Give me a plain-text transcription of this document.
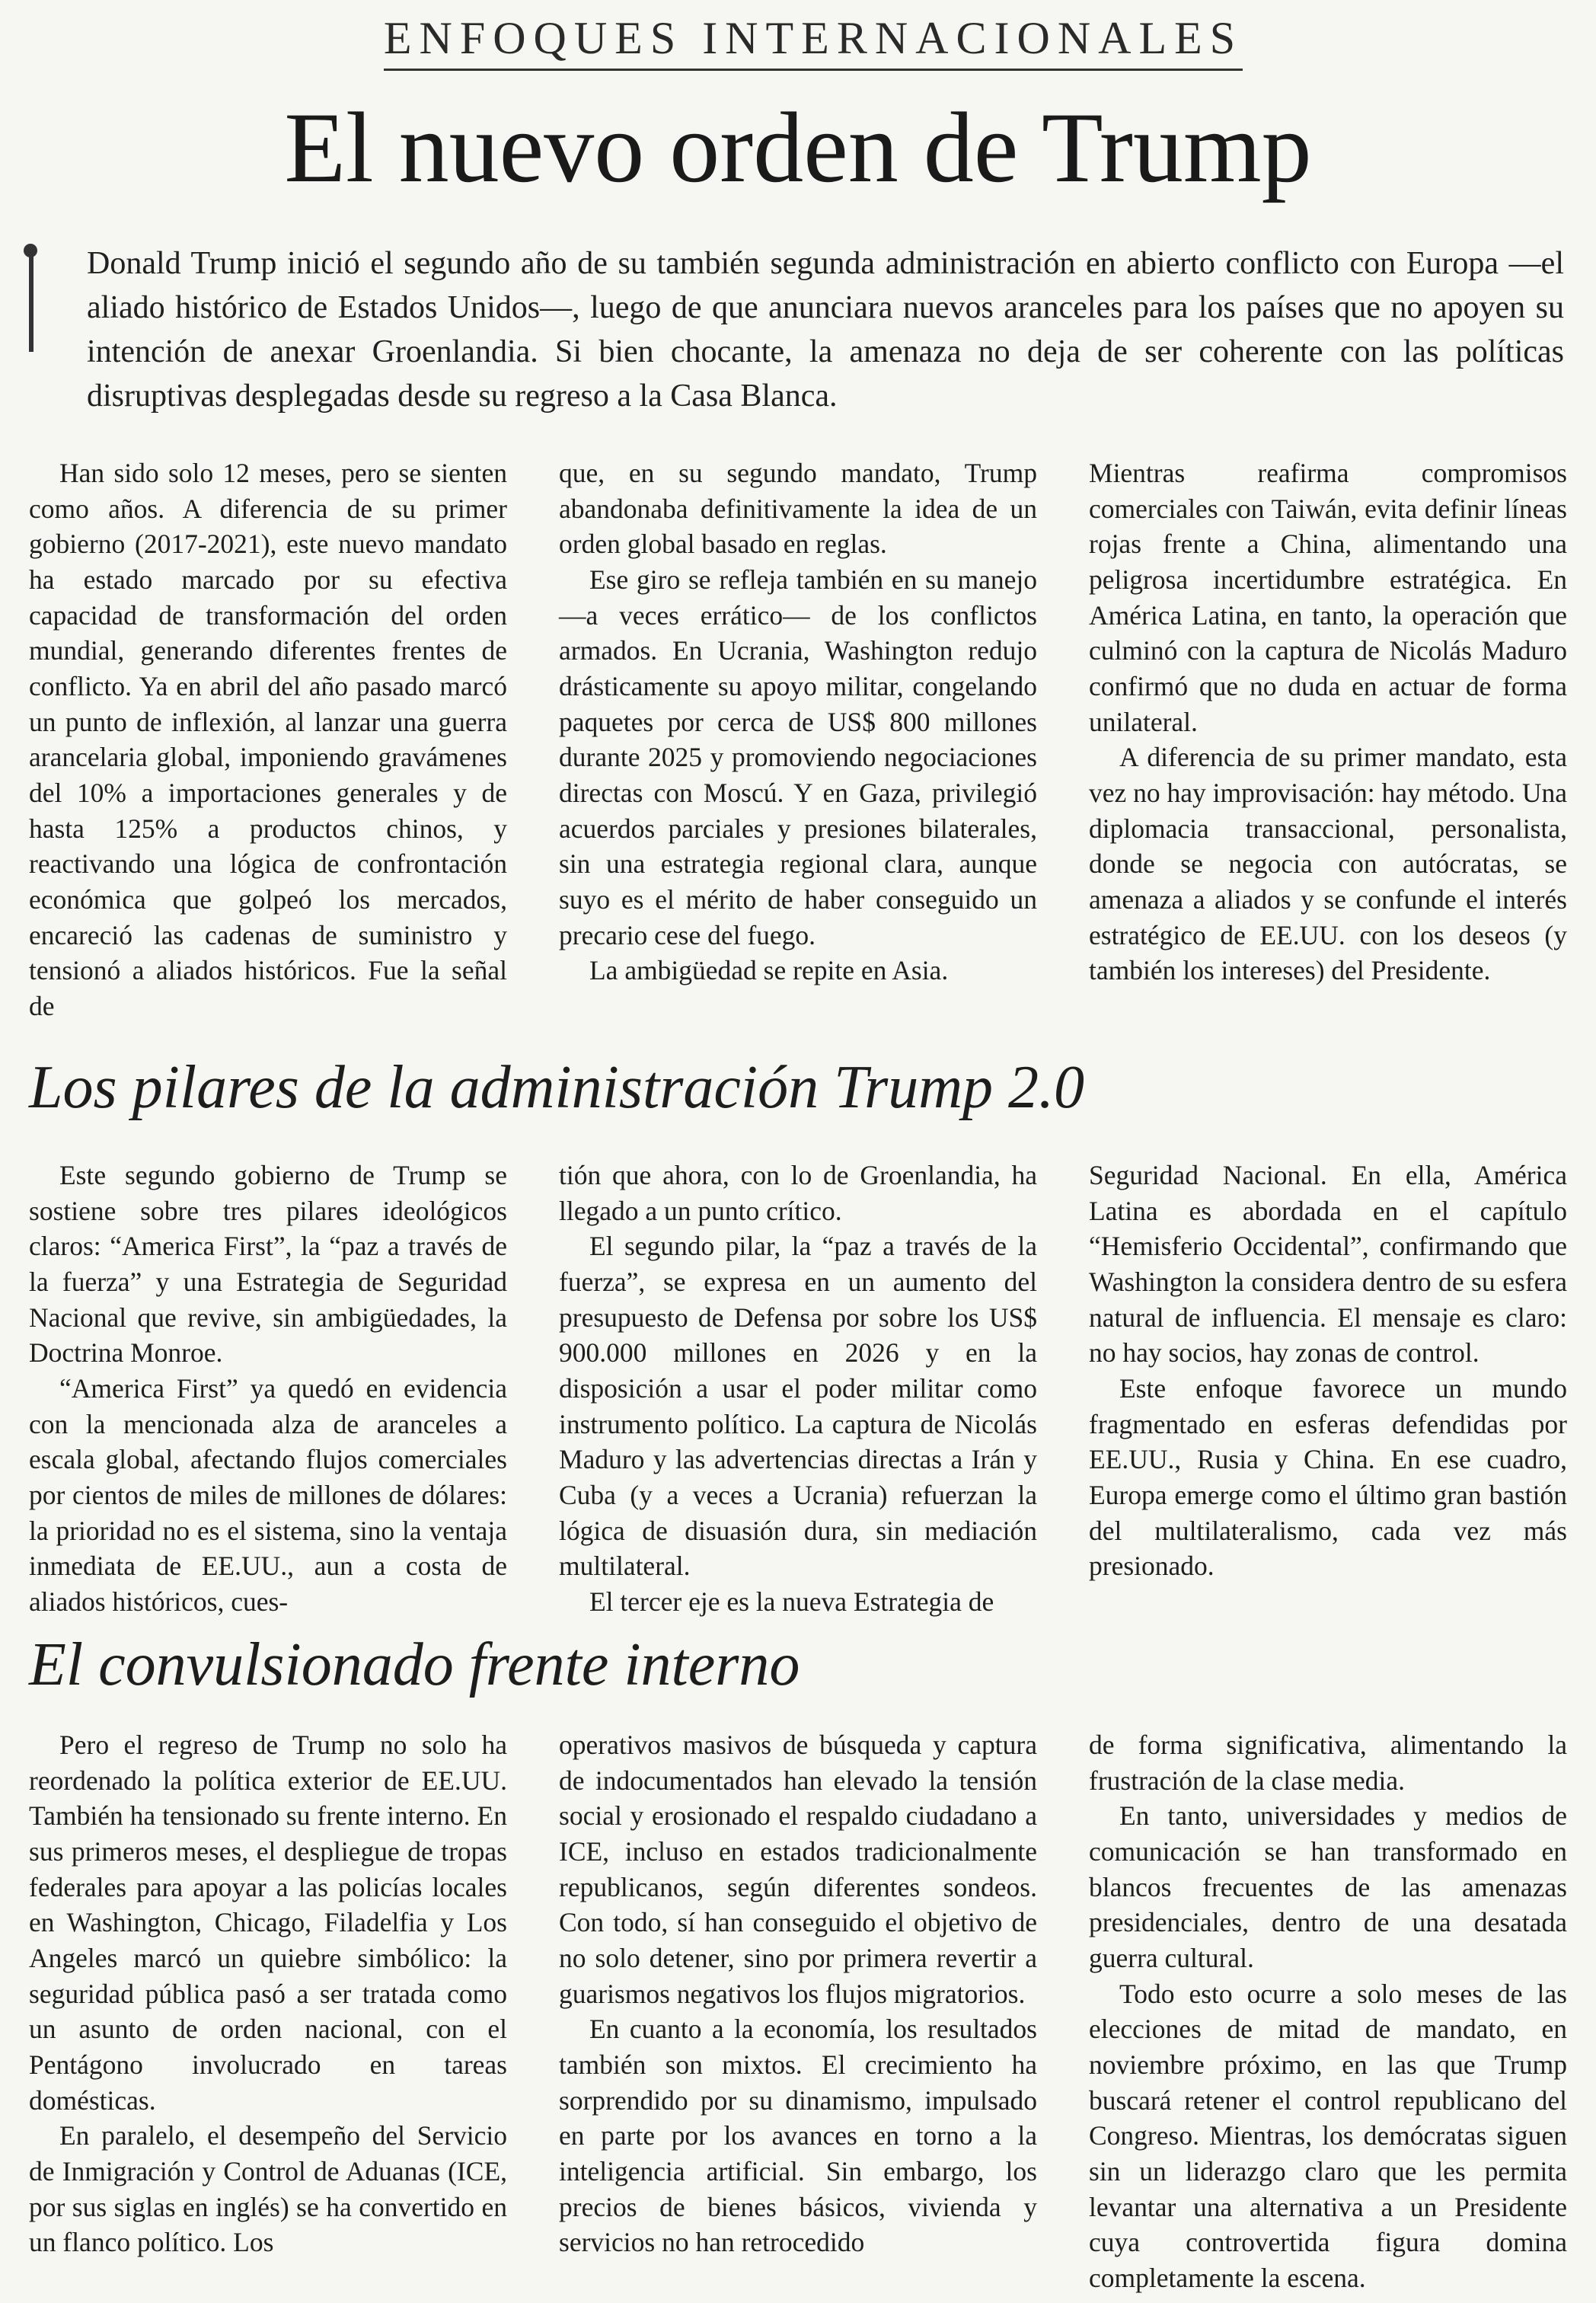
ENFOQUES INTERNACIONALES
El nuevo orden de Trump

Donald Trump inició el segundo año de su también segunda administración en abierto conflicto con Europa —el aliado histórico de Estados Unidos—, luego de que anunciara nuevos aranceles para los países que no apoyen su intención de anexar Groenlandia. Si bien chocante, la amenaza no deja de ser coherente con las políticas disruptivas desplegadas desde su regreso a la Casa Blanca.

Han sido solo 12 meses, pero se sienten como años. A diferencia de su primer gobierno (2017-2021), este nuevo mandato ha estado marcado por su efectiva capacidad de transformación del orden mundial, generando diferentes frentes de conflicto. Ya en abril del año pasado marcó un punto de inflexión, al lanzar una guerra arancelaria global, imponiendo gravámenes del 10% a importaciones generales y de hasta 125% a productos chinos, y reactivando una lógica de confrontación económica que golpeó los mercados, encareció las cadenas de suministro y tensionó a aliados históricos. Fue la señal de

que, en su segundo mandato, Trump abandonaba definitivamente la idea de un orden global basado en reglas.

Ese giro se refleja también en su manejo —a veces errático— de los conflictos armados. En Ucrania, Washington redujo drásticamente su apoyo militar, congelando paquetes por cerca de US$ 800 millones durante 2025 y promoviendo negociaciones directas con Moscú. Y en Gaza, privilegió acuerdos parciales y presiones bilaterales, sin una estrategia regional clara, aunque suyo es el mérito de haber conseguido un precario cese del fuego.

La ambigüedad se repite en Asia.

Mientras reafirma compromisos comerciales con Taiwán, evita definir líneas rojas frente a China, alimentando una peligrosa incertidumbre estratégica. En América Latina, en tanto, la operación que culminó con la captura de Nicolás Maduro confirmó que no duda en actuar de forma unilateral.

A diferencia de su primer mandato, esta vez no hay improvisación: hay método. Una diplomacia transaccional, personalista, donde se negocia con autócratas, se amenaza a aliados y se confunde el interés estratégico de EE.UU. con los deseos (y también los intereses) del Presidente.

Los pilares de la administración Trump 2.0

Este segundo gobierno de Trump se sostiene sobre tres pilares ideológicos claros: “America First”, la “paz a través de la fuerza” y una Estrategia de Seguridad Nacional que revive, sin ambigüedades, la Doctrina Monroe.

“America First” ya quedó en evidencia con la mencionada alza de aranceles a escala global, afectando flujos comerciales por cientos de miles de millones de dólares: la prioridad no es el sistema, sino la ventaja inmediata de EE.UU., aun a costa de aliados históricos, cues-

tión que ahora, con lo de Groenlandia, ha llegado a un punto crítico.

El segundo pilar, la “paz a través de la fuerza”, se expresa en un aumento del presupuesto de Defensa por sobre los US$ 900.000 millones en 2026 y en la disposición a usar el poder militar como instrumento político. La captura de Nicolás Maduro y las advertencias directas a Irán y Cuba (y a veces a Ucrania) refuerzan la lógica de disuasión dura, sin mediación multilateral.

El tercer eje es la nueva Estrategia de

Seguridad Nacional. En ella, América Latina es abordada en el capítulo “Hemisferio Occidental”, confirmando que Washington la considera dentro de su esfera natural de influencia. El mensaje es claro: no hay socios, hay zonas de control.

Este enfoque favorece un mundo fragmentado en esferas defendidas por EE.UU., Rusia y China. En ese cuadro, Europa emerge como el último gran bastión del multilateralismo, cada vez más presionado.

El convulsionado frente interno

Pero el regreso de Trump no solo ha reordenado la política exterior de EE.UU. También ha tensionado su frente interno. En sus primeros meses, el despliegue de tropas federales para apoyar a las policías locales en Washington, Chicago, Filadelfia y Los Angeles marcó un quiebre simbólico: la seguridad pública pasó a ser tratada como un asunto de orden nacional, con el Pentágono involucrado en tareas domésticas.

En paralelo, el desempeño del Servicio de Inmigración y Control de Aduanas (ICE, por sus siglas en inglés) se ha convertido en un flanco político. Los

operativos masivos de búsqueda y captura de indocumentados han elevado la tensión social y erosionado el respaldo ciudadano a ICE, incluso en estados tradicionalmente republicanos, según diferentes sondeos. Con todo, sí han conseguido el objetivo de no solo detener, sino por primera revertir a guarismos negativos los flujos migratorios.

En cuanto a la economía, los resultados también son mixtos. El crecimiento ha sorprendido por su dinamismo, impulsado en parte por los avances en torno a la inteligencia artificial. Sin embargo, los precios de bienes básicos, vivienda y servicios no han retrocedido

de forma significativa, alimentando la frustración de la clase media.

En tanto, universidades y medios de comunicación se han transformado en blancos frecuentes de las amenazas presidenciales, dentro de una desatada guerra cultural.

Todo esto ocurre a solo meses de las elecciones de mitad de mandato, en noviembre próximo, en las que Trump buscará retener el control republicano del Congreso. Mientras, los demócratas siguen sin un liderazgo claro que les permita levantar una alternativa a un Presidente cuya controvertida figura domina completamente la escena.
